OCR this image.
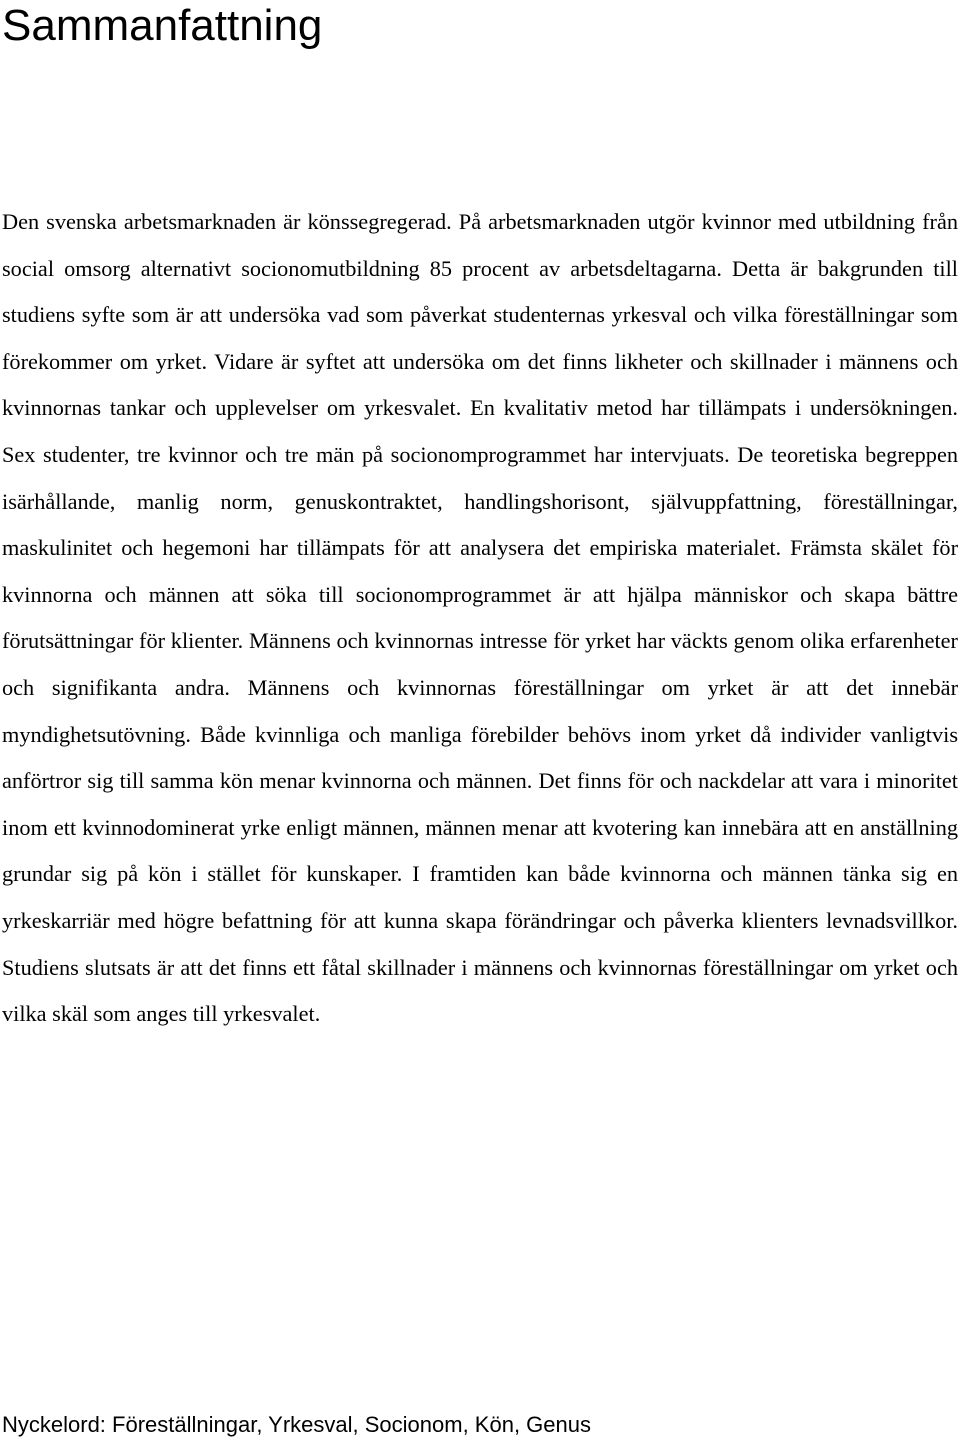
Sammanfattning

Den svenska arbetsmarknaden är könssegregerad. På arbetsmarknaden utgör kvinnor med utbildning från social omsorg alternativt socionomutbildning 85 procent av arbetsdeltagarna. Detta är bakgrunden till studiens syfte som är att undersöka vad som påverkat studenternas yrkesval och vilka föreställningar som förekommer om yrket. Vidare är syftet att undersöka om det finns likheter och skillnader i männens och kvinnornas tankar och upplevelser om yrkesvalet. En kvalitativ metod har tillämpats i undersökningen. Sex studenter, tre kvinnor och tre män på socionomprogrammet har intervjuats. De teoretiska begreppen isärhållande, manlig norm, genuskontraktet, handlingshorisont, självuppfattning, föreställningar, maskulinitet och hegemoni har tillämpats för att analysera det empiriska materialet. Främsta skälet för kvinnorna och männen att söka till socionomprogrammet är att hjälpa människor och skapa bättre förutsättningar för klienter. Männens och kvinnornas intresse för yrket har väckts genom olika erfarenheter och signifikanta andra. Männens och kvinnornas föreställningar om yrket är att det innebär myndighetsutövning. Både kvinnliga och manliga förebilder behövs inom yrket då individer vanligtvis anförtror sig till samma kön menar kvinnorna och männen. Det finns för och nackdelar att vara i minoritet inom ett kvinnodominerat yrke enligt männen, männen menar att kvotering kan innebära att en anställning grundar sig på kön i stället för kunskaper. I framtiden kan både kvinnorna och männen tänka sig en yrkeskarriär med högre befattning för att kunna skapa förändringar och påverka klienters levnadsvillkor. Studiens slutsats är att det finns ett fåtal skillnader i männens och kvinnornas föreställningar om yrket och vilka skäl som anges till yrkesvalet.

Nyckelord: Föreställningar, Yrkesval, Socionom, Kön, Genus
